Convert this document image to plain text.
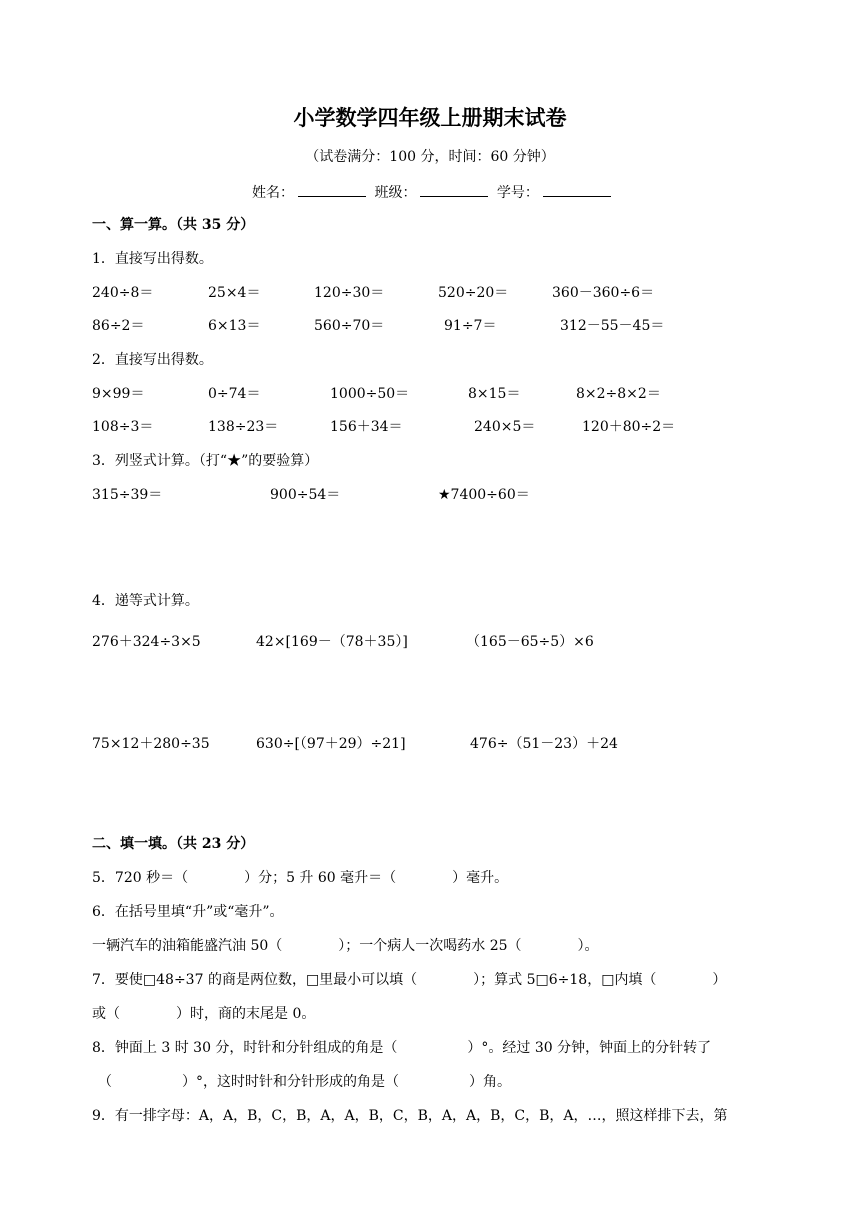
小学数学四年级上册期末试卷
（试卷满分：100 分，时间：60 分钟）
姓名：	班级：	学号：
一、算一算。（共 35 分）
1．直接写出得数。
240÷8＝	25×4＝	120÷30＝	520÷20＝	360－360÷6＝
86÷2＝	6×13＝	560÷70＝	91÷7＝	312－55－45＝
2．直接写出得数。
9×99＝	0÷74＝	1000÷50＝	8×15＝	8×2÷8×2＝
108÷3＝	138÷23＝	156＋34＝	240×5＝	120＋80÷2＝
3．列竖式计算。（打“★”的要验算）
315÷39＝	900÷54＝	★7400÷60＝
4．递等式计算。
276＋324÷3×5	42×[169－（78＋35）]	（165－65÷5）×6
75×12＋280÷35	630÷[（97＋29）÷21]	476÷（51－23）＋24
二、填一填。（共 23 分）
5．720 秒＝（　　　　）分；5 升 60 毫升＝（　　　　）毫升。
6．在括号里填“升”或“毫升”。
一辆汽车的油箱能盛汽油 50（　　　　）；一个病人一次喝药水 25（　　　　）。
7．要使□48÷37 的商是两位数，□里最小可以填（　　　　）；算式 5□6÷18，□内填（　　　　）
或（　　　　）时，商的末尾是 0。
8．钟面上 3 时 30 分，时针和分针组成的角是（　　　　　）°。经过 30 分钟，钟面上的分针转了
（　　　　　）°，这时时针和分针形成的角是（　　　　　）角。
9．有一排字母：A，A，B，C，B，A，A，B，C，B，A，A，B，C，B，A，…，照这样排下去，第
